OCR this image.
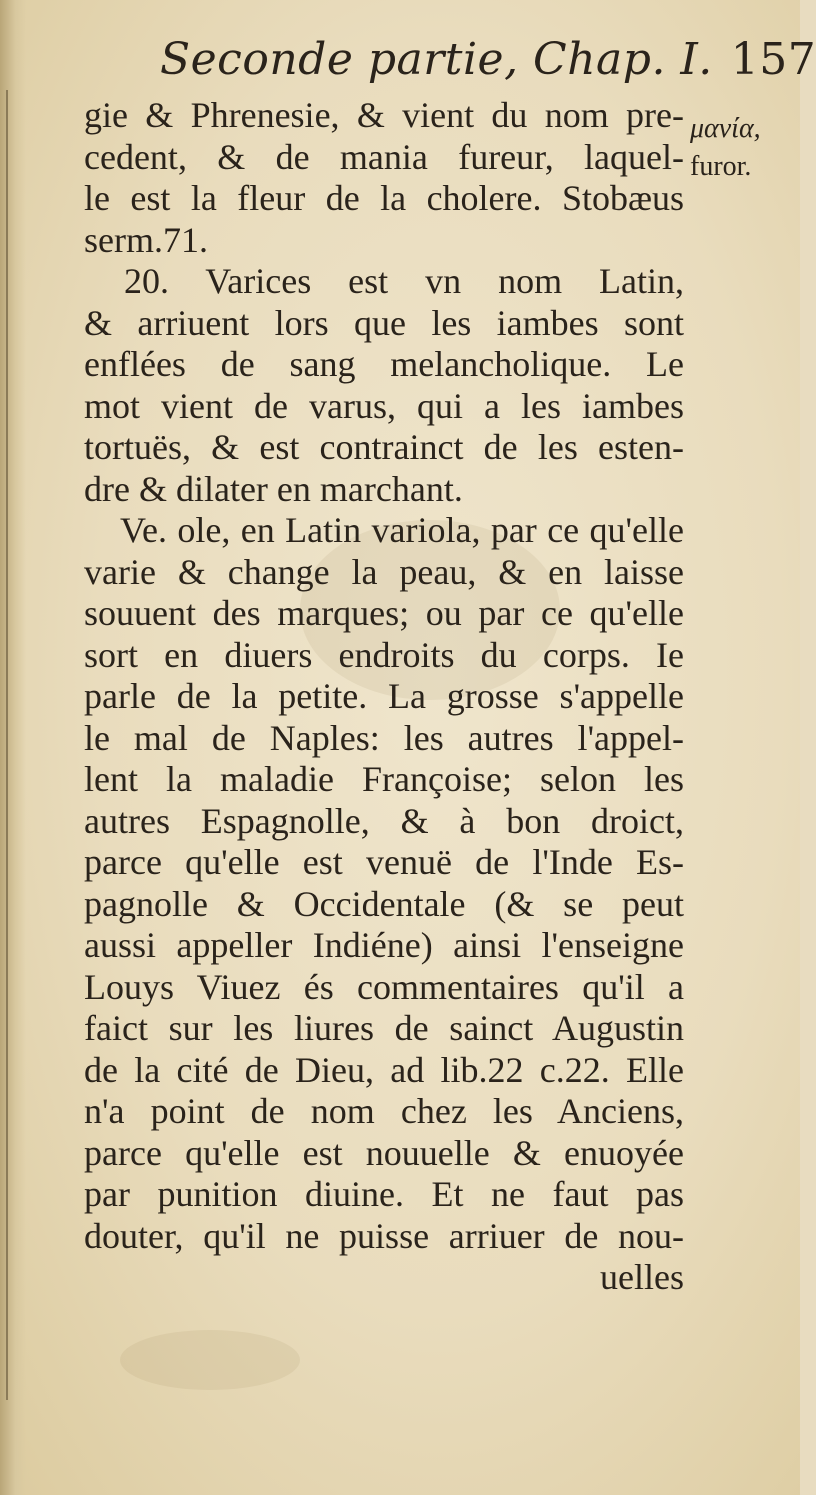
Seconde partie, Chap. I. 157
μανία,
furor.
gie & Phrenesie, & vient du nom pre-
cedent, & de mania fureur, laquel-
le est la fleur de la cholere. Stobæus
serm.71.
20. Varices est vn nom Latin,
& arriuent lors que les iambes sont
enflées de sang melancholique. Le
mot vient de varus, qui a les iambes
tortuës, & est contrainct de les esten-
dre & dilater en marchant.
Ve. ole, en Latin variola, par ce qu'elle
varie & change la peau, & en laisse
souuent des marques; ou par ce qu'elle
sort en diuers endroits du corps. Ie
parle de la petite. La grosse s'appelle
le mal de Naples: les autres l'appel-
lent la maladie Françoise; selon les
autres Espagnolle, & à bon droict,
parce qu'elle est venuë de l'Inde Es-
pagnolle & Occidentale (& se peut
aussi appeller Indiéne) ainsi l'enseigne
Louys Viuez és commentaires qu'il a
faict sur les liures de sainct Augustin
de la cité de Dieu, ad lib.22 c.22. Elle
n'a point de nom chez les Anciens,
parce qu'elle est nouuelle & enuoyée
par punition diuine. Et ne faut pas
douter, qu'il ne puisse arriuer de nou-
uelles
